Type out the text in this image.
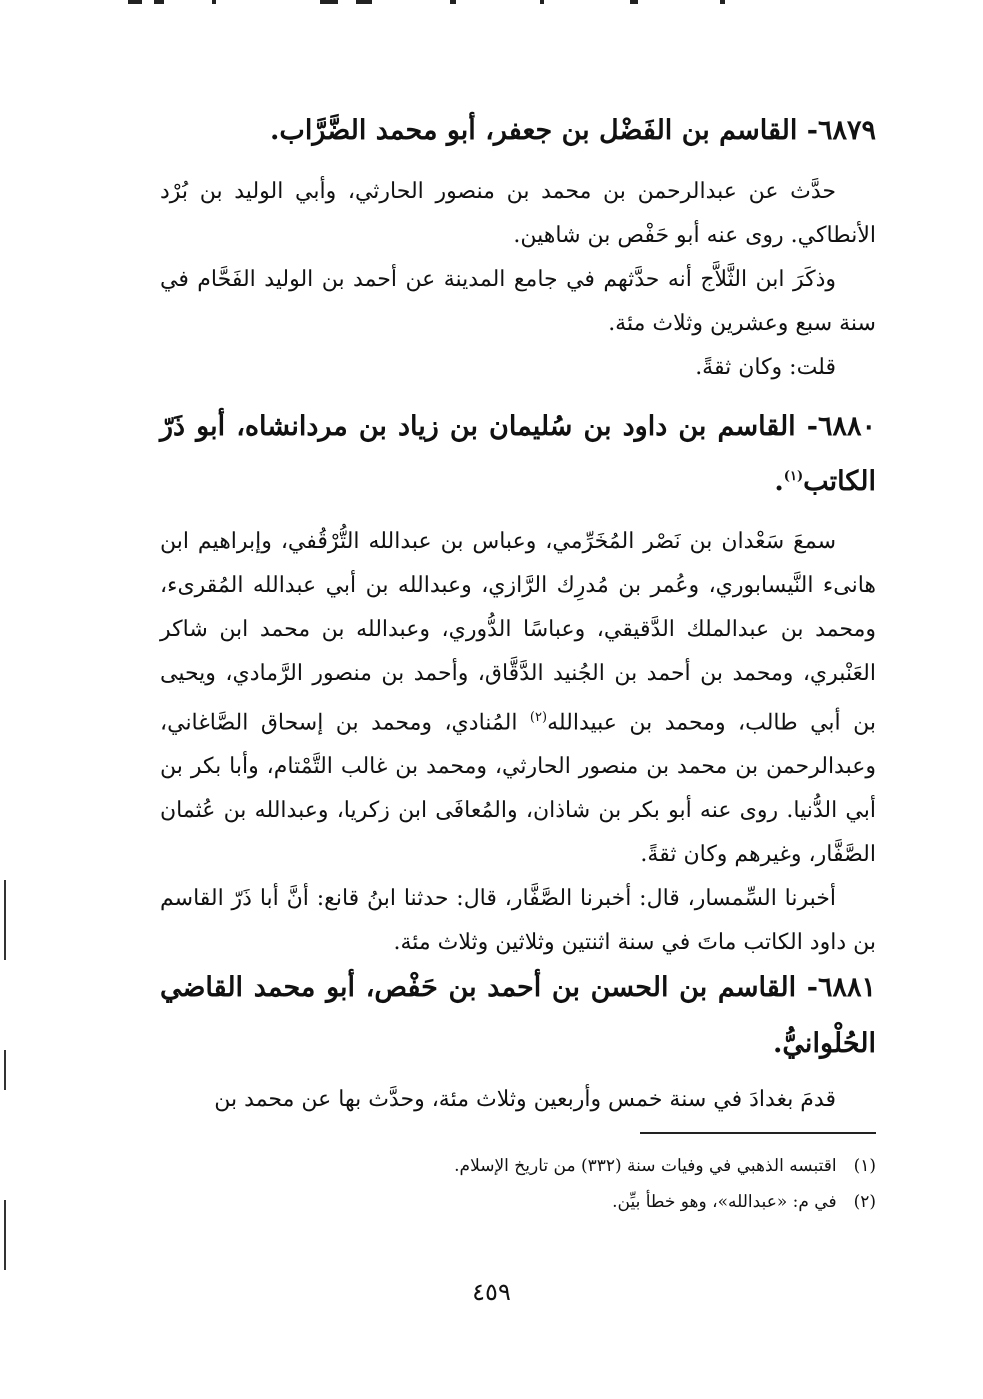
٦٨٧٩- القاسم بن الفَضْل بن جعفر، أبو محمد الضَّرَّاب.

حدَّث عن عبدالرحمن بن محمد بن منصور الحارثي، وأبي الوليد بن بُرْد الأنطاكي. روى عنه أبو حَفْص بن شاهين.

وذكَرَ ابن الثَّلاَّج أنه حدَّثهم في جامع المدينة عن أحمد بن الوليد الفَحَّام في سنة سبع وعشرين وثلاث مئة.

قلت: وكان ثقةً.

٦٨٨٠- القاسم بن داود بن سُليمان بن زياد بن مردانشاه، أبو ذَرّ الكاتب$^{(١)}$.

سمعَ سَعْدان بن نَصْر المُخَرِّمي، وعباس بن عبدالله التُّرْقُفي، وإبراهيم ابن هانىء النَّيسابوري، وعُمر بن مُدرِك الرَّازي، وعبدالله بن أبي عبدالله المُقرىء، ومحمد بن عبدالملك الدَّقيقي، وعباسًا الدُّوري، وعبدالله بن محمد ابن شاكر العَنْبري، ومحمد بن أحمد بن الجُنيد الدَّقَّاق، وأحمد بن منصور الرَّمادي، ويحيى بن أبي طالب، ومحمد بن عبيدالله$^{(٢)}$ المُنادي، ومحمد بن إسحاق الصَّاغاني، وعبدالرحمن بن محمد بن منصور الحارثي، ومحمد بن غالب التَّمْتام، وأبا بكر بن أبي الدُّنيا. روى عنه أبو بكر بن شاذان، والمُعافَى ابن زكريا، وعبدالله بن عُثمان الصَّفَّار، وغيرهم وكان ثقةً.

أخبرنا السِّمسار، قال: أخبرنا الصَّفَّار، قال: حدثنا ابنُ قانع: أنَّ أبا ذَرّ القاسم بن داود الكاتب ماتَ في سنة اثنتين وثلاثين وثلاث مئة.

٦٨٨١- القاسم بن الحسن بن أحمد بن حَفْص، أبو محمد القاضي الحُلْوانيُّ.

قدمَ بغدادَ في سنة خمس وأربعين وثلاث مئة، وحدَّث بها عن محمد بن

(١) اقتبسه الذهبي في وفيات سنة (٣٣٢) من تاريخ الإسلام.
(٢) في م: «عبدالله»، وهو خطأ بيِّن.
٤٥٩
